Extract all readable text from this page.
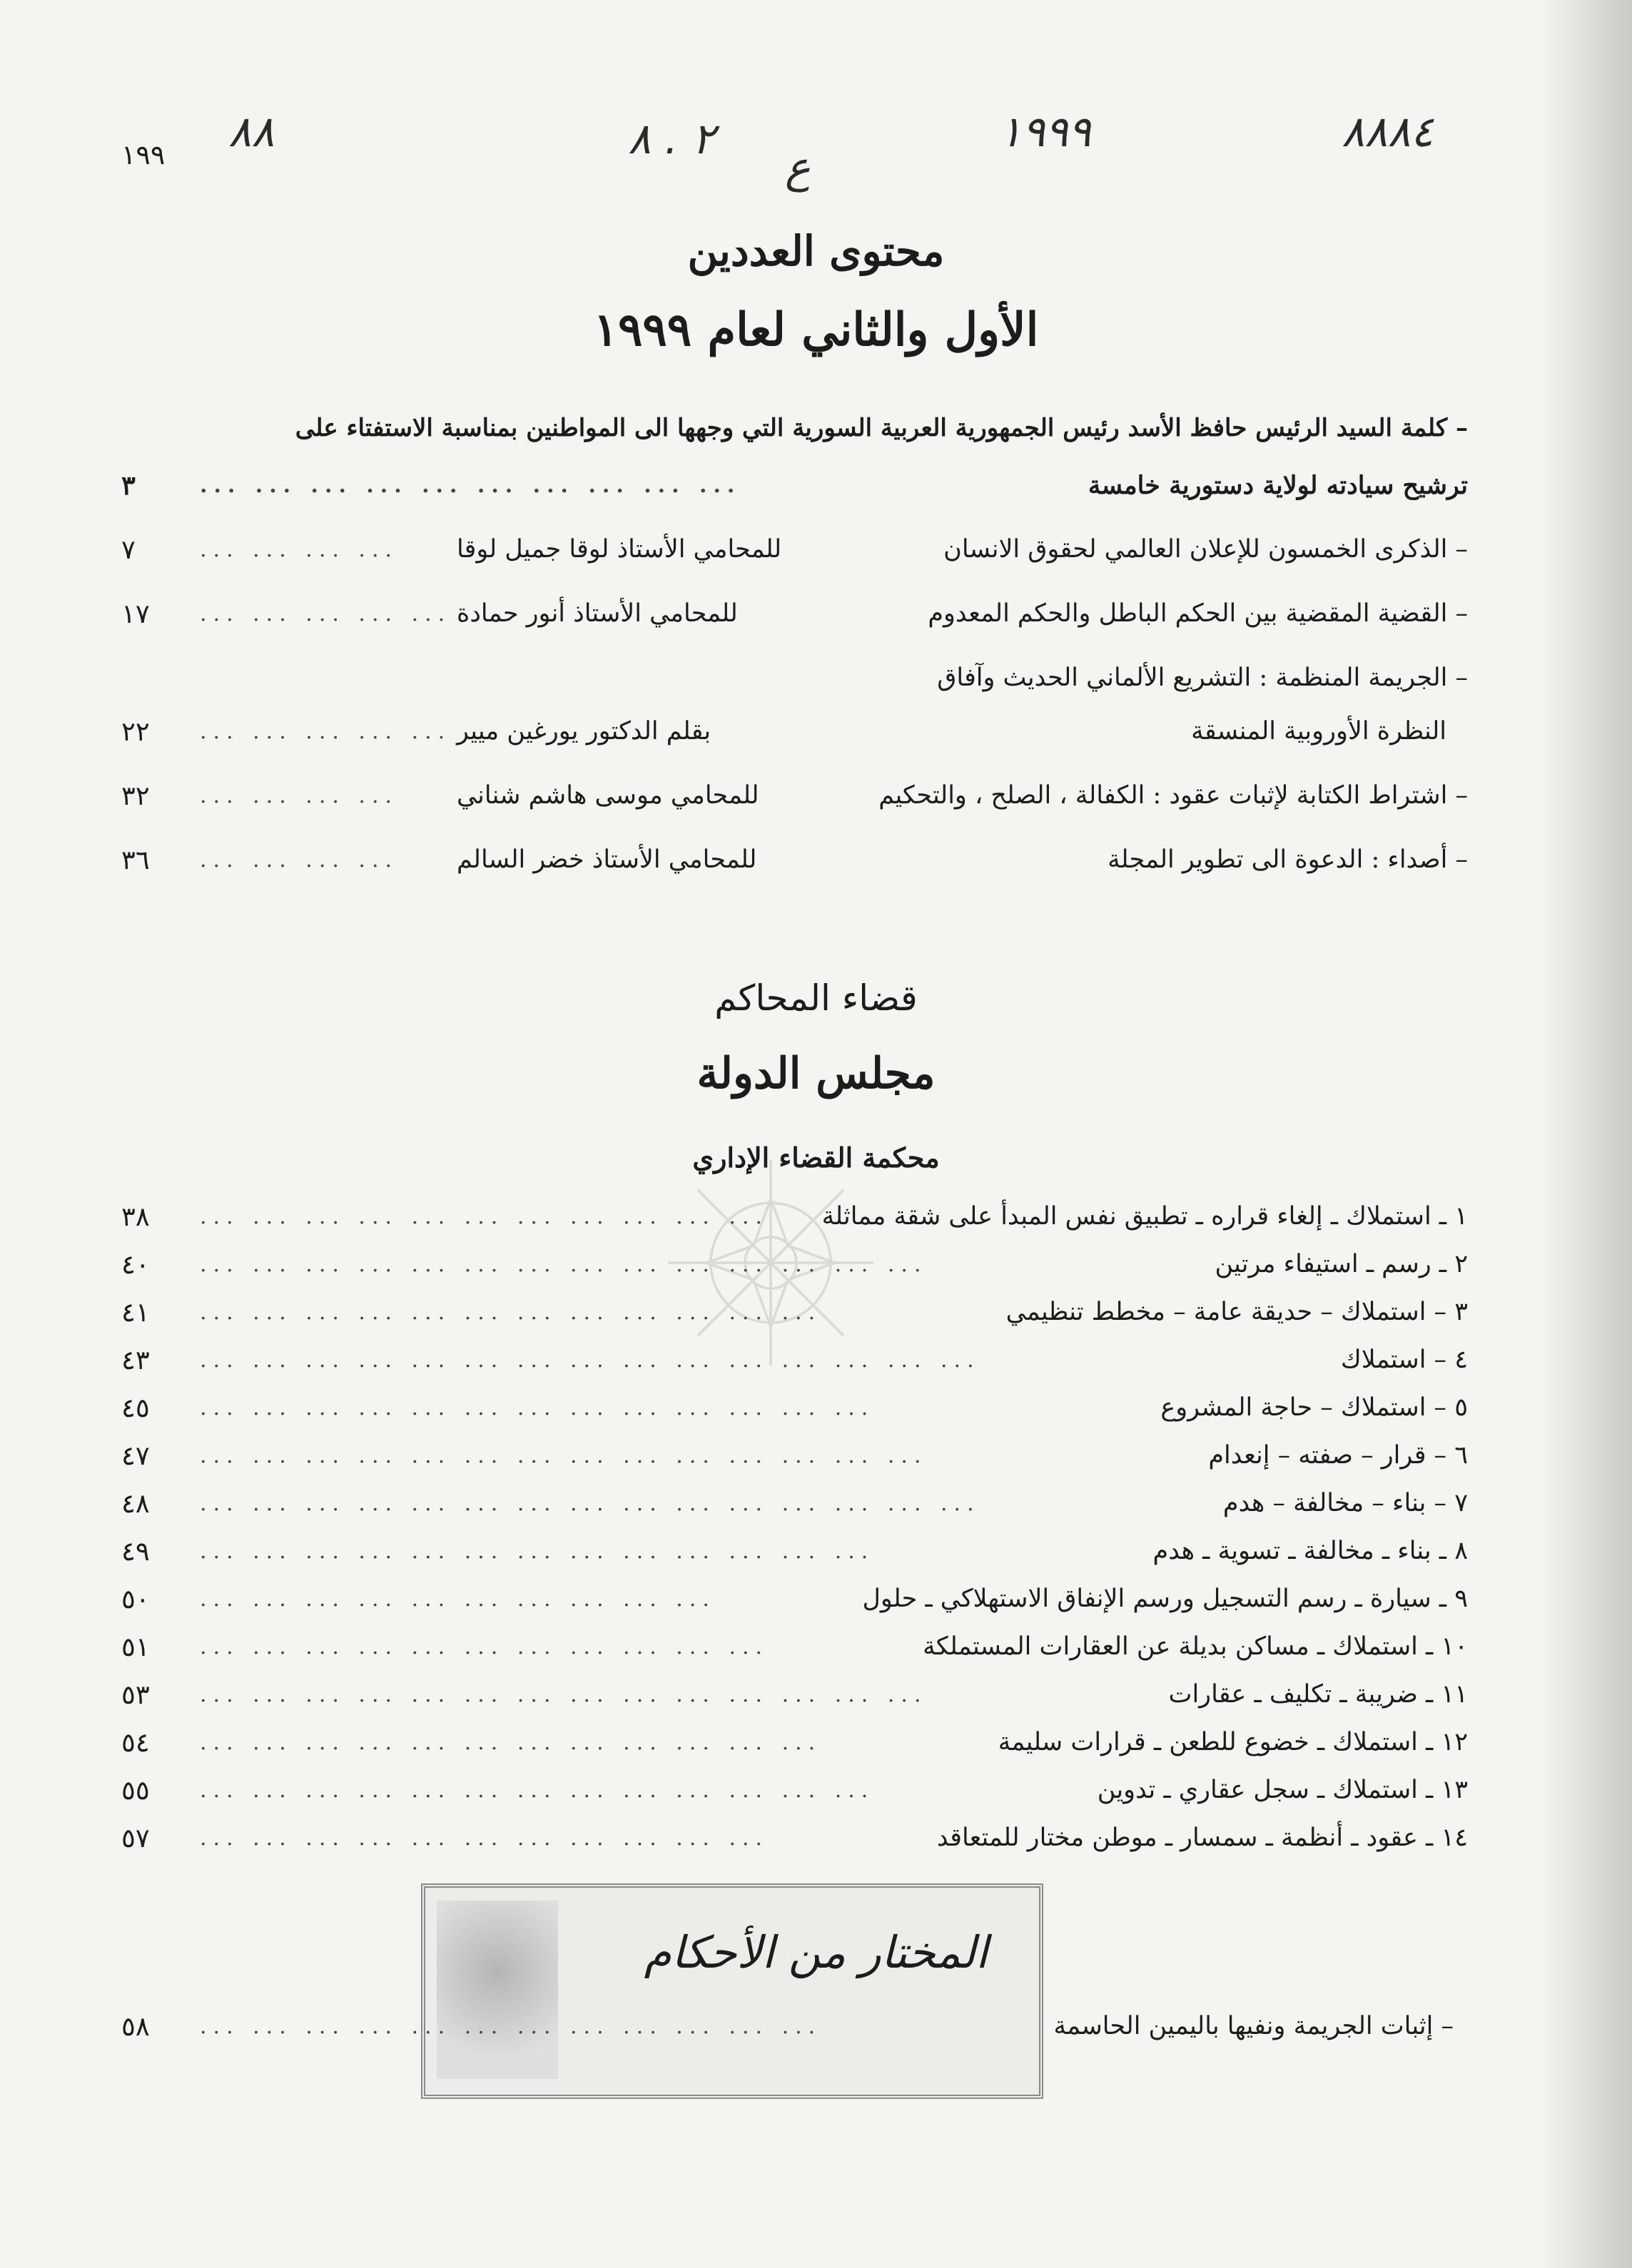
١٩٩	٨٨٨٤
١٩٩٩
ع
٢ . ٨
٨٨
محتوى العددين
الأول والثاني لعام ١٩٩٩
– كلمة السيد الرئيس حافظ الأسد رئيس الجمهورية العربية السورية التي وجهها الى المواطنين بمناسبة الاستفتاء على
ترشيح سيادته لولاية دستورية خامسة
... ... ... ... ... ... ... ... ... ...
٣
– الذكرى الخمسون للإعلان العالمي لحقوق الانسان
للمحامي الأستاذ لوقا جميل لوقا
... ... ... ...
٧
– القضية المقضية بين الحكم الباطل والحكم المعدوم
للمحامي الأستاذ أنور حمادة
... ... ... ... ...
١٧
– الجريمة المنظمة : التشريع الألماني الحديث وآفاق
النظرة الأوروبية المنسقة
بقلم الدكتور يورغين ميير
... ... ... ... ...
٢٢
– اشتراط الكتابة لإثبات عقود : الكفالة ، الصلح ، والتحكيم
للمحامي موسى هاشم شناني
... ... ... ...
٣٢
– أصداء : الدعوة الى تطوير المجلة
للمحامي الأستاذ خضر السالم
... ... ... ...
٣٦
قضاء المحاكم
مجلس الدولة
محكمة القضاء الإداري
١ ـ استملاك ـ إلغاء قراره ـ تطبيق نفس المبدأ على شقة مماثلة
... ... ... ... ... ... ... ... ... ... ...
٣٨
٢ ـ رسم ـ استيفاء مرتين
... ... ... ... ... ... ... ... ... ... ... ... ... ...
٤٠
٣ – استملاك – حديقة عامة – مخطط تنظيمي
... ... ... ... ... ... ... ... ... ... ... ...
٤١
٤ – استملاك
... ... ... ... ... ... ... ... ... ... ... ... ... ... ...
٤٣
٥ – استملاك – حاجة المشروع
... ... ... ... ... ... ... ... ... ... ... ... ...
٤٥
٦ – قرار – صفته – إنعدام
... ... ... ... ... ... ... ... ... ... ... ... ... ...
٤٧
٧ – بناء – مخالفة – هدم
... ... ... ... ... ... ... ... ... ... ... ... ... ... ...
٤٨
٨ ـ بناء ـ مخالفة ـ تسوية ـ هدم
... ... ... ... ... ... ... ... ... ... ... ... ...
٤٩
٩ ـ سيارة ـ رسم التسجيل ورسم الإنفاق الاستهلاكي ـ حلول
... ... ... ... ... ... ... ... ... ...
٥٠
١٠ ـ استملاك ـ مساكن بديلة عن العقارات المستملكة
... ... ... ... ... ... ... ... ... ... ...
٥١
١١ ـ ضريبة ـ تكليف ـ عقارات
... ... ... ... ... ... ... ... ... ... ... ... ... ...
٥٣
١٢ ـ استملاك ـ خضوع للطعن ـ قرارات سليمة
... ... ... ... ... ... ... ... ... ... ... ...
٥٤
١٣ ـ استملاك ـ سجل عقاري ـ تدوين
... ... ... ... ... ... ... ... ... ... ... ... ...
٥٥
١٤ ـ عقود ـ أنظمة ـ سمسار ـ موطن مختار للمتعاقد
... ... ... ... ... ... ... ... ... ... ...
٥٧
المختار من الأحكام
– إثبات الجريمة ونفيها باليمين الحاسمة
... ... ... ... ... ... ... ... ... ... ... ...
٥٨
